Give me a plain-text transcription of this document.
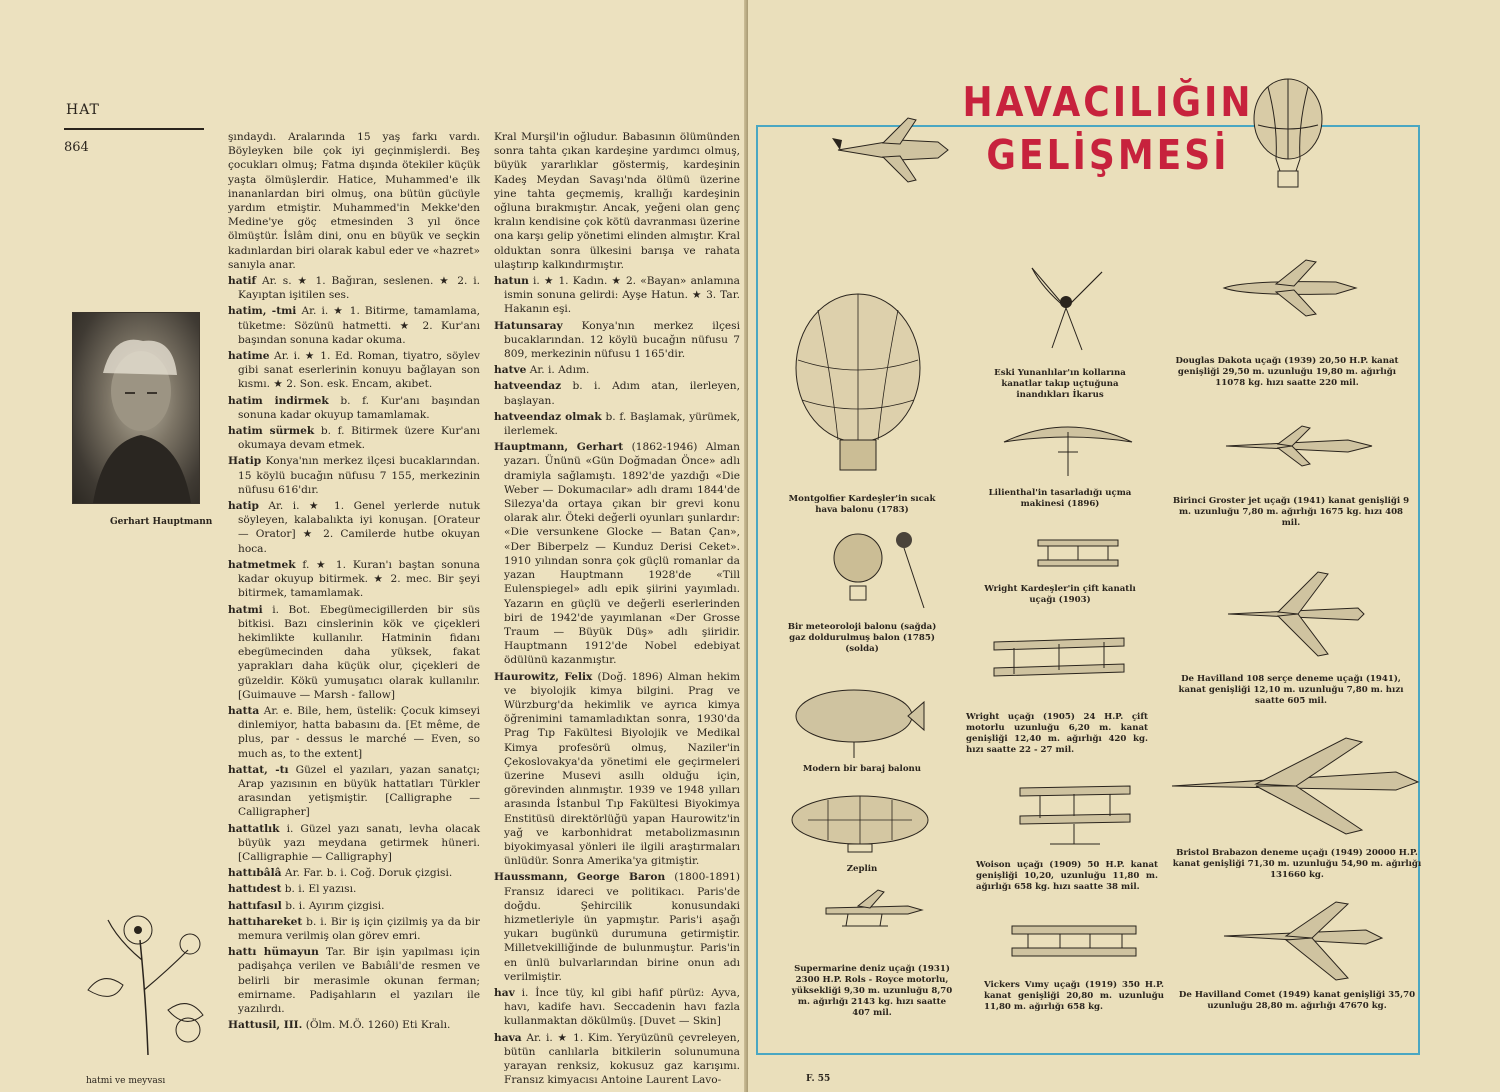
HAT
864
Gerhart Hauptmann

şındaydı. Aralarında 15 yaş farkı vardı. Böyleyken bile çok iyi geçinmişlerdi. Beş çocukları olmuş; Fatma dışında ötekiler küçük yaşta ölmüşlerdir. Hatice, Muhammed'e ilk inananlardan biri olmuş, ona bütün gücüyle yardım etmiştir. Muhammed'in Mekke'den Medine'ye göç etmesinden 3 yıl önce ölmüştür. İslâm dini, onu en büyük ve seçkin kadınlardan biri olarak kabul eder ve «hazret» sanıyla anar.

hatif Ar. s. ★ 1. Bağıran, seslenen. ★ 2. i. Kayıptan işitilen ses.

hatim, -tmi Ar. i. ★ 1. Bitirme, tamamlama, tüketme: Sözünü hatmetti. ★ 2. Kur'anı başından sonuna kadar okuma.

hatime Ar. i. ★ 1. Ed. Roman, tiyatro, söylev gibi sanat eserlerinin konuyu bağlayan son kısmı. ★ 2. Son. esk. Encam, akıbet.

hatim indirmek b. f. Kur'anı başından sonuna kadar okuyup tamamlamak.

hatim sürmek b. f. Bitirmek üzere Kur'anı okumaya devam etmek.

Hatip Konya'nın merkez ilçesi bucaklarından. 15 köylü bucağın nüfusu 7 155, merkezinin nüfusu 616'dır.

hatip Ar. i. ★ 1. Genel yerlerde nutuk söyleyen, kalabalıkta iyi konuşan. [Orateur — Orator] ★ 2. Camilerde hutbe okuyan hoca.

hatmetmek f. ★ 1. Kuran'ı baştan sonuna kadar okuyup bitirmek. ★ 2. mec. Bir şeyi bitirmek, tamamlamak.

hatmi i. Bot. Ebegümecigillerden bir süs bitkisi. Bazı cinslerinin kök ve çiçekleri hekimlikte kullanılır. Hatminin fidanı ebegümecinden daha yüksek, fakat yaprakları daha küçük olur, çiçekleri de güzeldir. Kökü yumuşatıcı olarak kullanılır. [Guimauve — Marsh - fallow]

hatta Ar. e. Bile, hem, üstelik: Çocuk kimseyi dinlemiyor, hatta babasını da. [Et même, de plus, par - dessus le marché — Even, so much as, to the extent]

hattat, -tı Güzel el yazıları, yazan sanatçı; Arap yazısının en büyük hattatları Türkler arasından yetişmiştir. [Calligraphe — Calligrapher]

hattatlık i. Güzel yazı sanatı, levha olacak büyük yazı meydana getirmek hüneri. [Calligraphie — Calligraphy]

hattıbâlâ Ar. Far. b. i. Coğ. Doruk çizgisi.

hattıdest b. i. El yazısı.

hattıfasıl b. i. Ayırım çizgisi.

hattıhareket b. i. Bir iş için çizilmiş ya da bir memura verilmiş olan görev emri.

hattı hümayun Tar. Bir işin yapılması için padişahça verilen ve Babıâli'de resmen ve belirli bir merasimle okunan ferman; emirname. Padişahların el yazıları ile yazılırdı.

Hattusil, III. (Ölm. M.Ö. 1260) Eti Kralı.

Kral Murşil'in oğludur. Babasının ölümünden sonra tahta çıkan kardeşine yardımcı olmuş, büyük yararlıklar göstermiş, kardeşinin Kadeş Meydan Savaşı'nda ölümü üzerine yine tahta geçmemiş, krallığı kardeşinin oğluna bırakmıştır. Ancak, yeğeni olan genç kralın kendisine çok kötü davranması üzerine ona karşı gelip yönetimi elinden almıştır. Kral olduktan sonra ülkesini barışa ve rahata ulaştırıp kalkındırmıştır.

hatun i. ★ 1. Kadın. ★ 2. «Bayan» anlamına ismin sonuna gelirdi: Ayşe Hatun. ★ 3. Tar. Hakanın eşi.

Hatunsaray Konya'nın merkez ilçesi bucaklarından. 12 köylü bucağın nüfusu 7 809, merkezinin nüfusu 1 165'dir.

hatve Ar. i. Adım.

hatveendaz b. i. Adım atan, ilerleyen, başlayan.

hatveendaz olmak b. f. Başlamak, yürümek, ilerlemek.

Hauptmann, Gerhart (1862-1946) Alman yazarı. Ününü «Gün Doğmadan Önce» adlı dramiyla sağlamıştı. 1892'de yazdığı «Die Weber — Dokumacılar» adlı dramı 1844'de Silezya'da ortaya çıkan bir grevi konu olarak alır. Öteki değerli oyunları şunlardır: «Die versunkene Glocke — Batan Çan», «Der Biberpelz — Kunduz Derisi Ceket». 1910 yılından sonra çok güçlü romanlar da yazan Hauptmann 1928'de «Till Eulenspiegel» adlı epik şiirini yayımladı. Yazarın en güçlü ve değerli eserlerinden biri de 1942'de yayımlanan «Der Grosse Traum — Büyük Düş» adlı şiiridir. Hauptmann 1912'de Nobel edebiyat ödülünü kazanmıştır.

Haurowitz, Felix (Doğ. 1896) Alman hekim ve biyolojik kimya bilgini. Prag ve Würzburg'da hekimlik ve ayrıca kimya öğrenimini tamamladıktan sonra, 1930'da Prag Tıp Fakültesi Biyolojik ve Medikal Kimya profesörü olmuş, Naziler'in Çekoslovakya'da yönetimi ele geçirmeleri üzerine Musevi asıllı olduğu için, görevinden alınmıştır. 1939 ve 1948 yılları arasında İstanbul Tıp Fakültesi Biyokimya Enstitüsü direktörlüğü yapan Haurowitz'in yağ ve karbonhidrat metabolizmasının biyokimyasal yönleri ile ilgili araştırmaları ünlüdür. Sonra Amerika'ya gitmiştir.

Haussmann, George Baron (1800-1891) Fransız idareci ve politikacı. Paris'de doğdu. Şehircilik konusundaki hizmetleriyle ün yapmıştır. Paris'i aşağı yukarı bugünkü durumuna getirmiştir. Milletvekilliğinde de bulunmuştur. Paris'in en ünlü bulvarlarından birine onun adı verilmiştir.

hav i. İnce tüy, kıl gibi hafif pürüz: Ayva, havı, kadife havı. Seccadenin havı fazla kullanmaktan dökülmüş. [Duvet — Skin]

hava Ar. i. ★ 1. Kim. Yeryüzünü çevreleyen, bütün canlılarla bitkilerin solunumuna yarayan renksiz, kokusuz gaz karışımı. Fransız kimyacısı Antoine Laurent Lavo-

hatmi ve meyvası
HAVACILIĞIN
GELİŞMESİ
Montgolfier Kardeşler'in sıcak hava balonu (1783)
Bir meteoroloji balonu (sağda) gaz doldurulmuş balon (1785) (solda)
Modern bir baraj balonu
Zeplin
Supermarine deniz uçağı (1931) 2300 H.P. Rols - Royce motorlu, yüksekliği 9,30 m. uzunluğu 8,70 m. ağırlığı 2143 kg. hızı saatte 407 mil.
Eski Yunanlılar'ın kollarına kanatlar takıp uçtuğuna inandıkları İkarus
Lilienthal'in tasarladığı uçma makinesi (1896)
Wright Kardeşler'in çift kanatlı uçağı (1903)
Wright uçağı (1905) 24 H.P. çift motorlu uzunluğu 6,20 m. kanat genişliği 12,40 m. ağırlığı 420 kg. hızı saatte 22 - 27 mil.
Woison uçağı (1909) 50 H.P. kanat genişliği 10,20, uzunluğu 11,80 m. ağırlığı 658 kg. hızı saatte 38 mil.
Vickers Vımy uçağı (1919) 350 H.P. kanat genişliği 20,80 m. uzunluğu 11,80 m. ağırlığı 658 kg.
Douglas Dakota uçağı (1939) 20,50 H.P. kanat genişliği 29,50 m. uzunluğu 19,80 m. ağırlığı 11078 kg. hızı saatte 220 mil.
Birinci Groster jet uçağı (1941) kanat genişliği 9 m. uzunluğu 7,80 m. ağırlığı 1675 kg. hızı 408 mil.
De Havilland 108 serçe deneme uçağı (1941), kanat genişliği 12,10 m. uzunluğu 7,80 m. hızı saatte 605 mil.
Bristol Brabazon deneme uçağı (1949) 20000 H.P. kanat genişliği 71,30 m. uzunluğu 54,90 m. ağırlığı 131660 kg.
De Havilland Comet (1949) kanat genişliği 35,70 uzunluğu 28,80 m. ağırlığı 47670 kg.
F. 55
